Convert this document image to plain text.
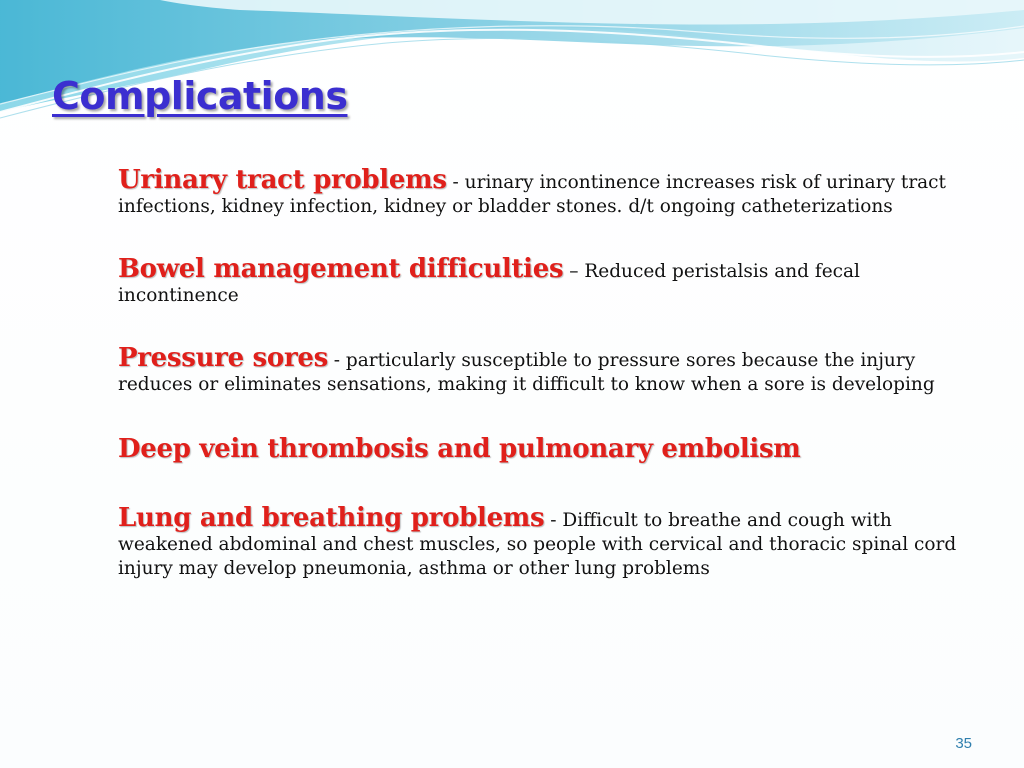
Complications

Urinary tract problems - urinary incontinence increases risk of urinary tract infections, kidney infection, kidney or bladder stones. d/t ongoing catheterizations

Bowel management difficulties – Reduced peristalsis and fecal incontinence

Pressure sores - particularly susceptible to pressure sores because the injury reduces or eliminates sensations, making it difficult to know when a sore is developing

Deep vein thrombosis and pulmonary embolism

Lung and breathing problems - Difficult to breathe and cough with weakened abdominal and chest muscles, so people with cervical and thoracic spinal cord injury may develop pneumonia, asthma or other lung problems

35
